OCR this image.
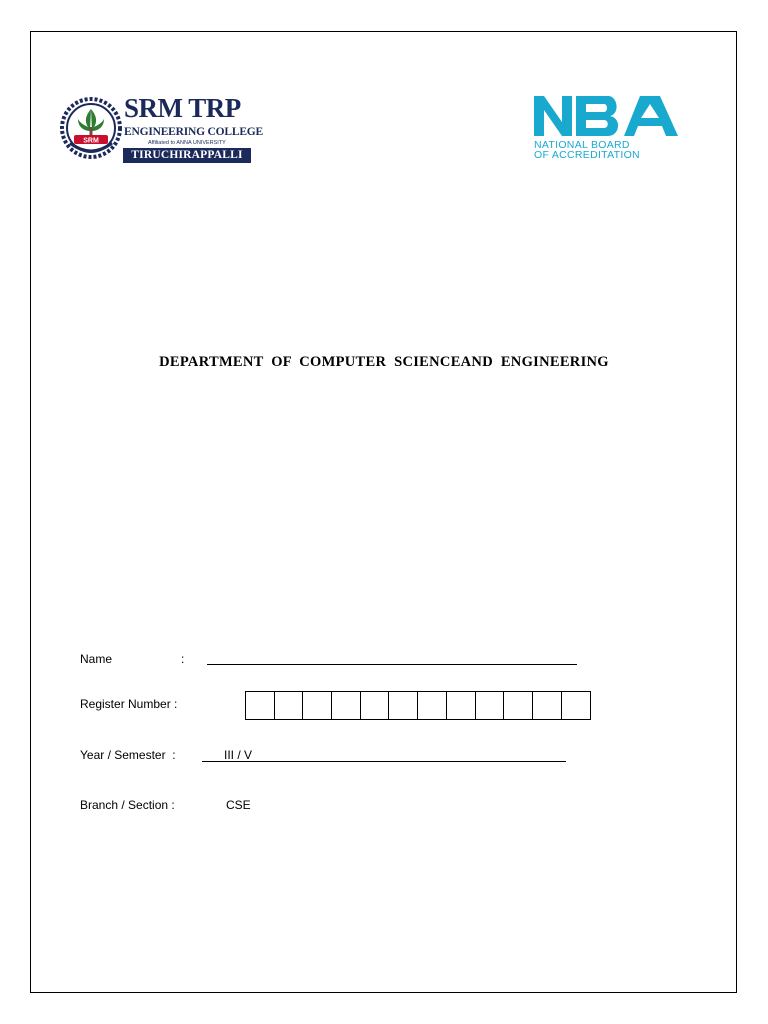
SRM
SRM TRP
ENGINEERING COLLEGE
Affiliated to ANNA UNIVERSITY
TIRUCHIRAPPALLI
NATIONAL BOARD
OF ACCREDITATION
DEPARTMENT  OF  COMPUTER  SCIENCEAND  ENGINEERING
Name	:
Register Number :
Year / Semester  :	III / V
Branch / Section :	CSE
